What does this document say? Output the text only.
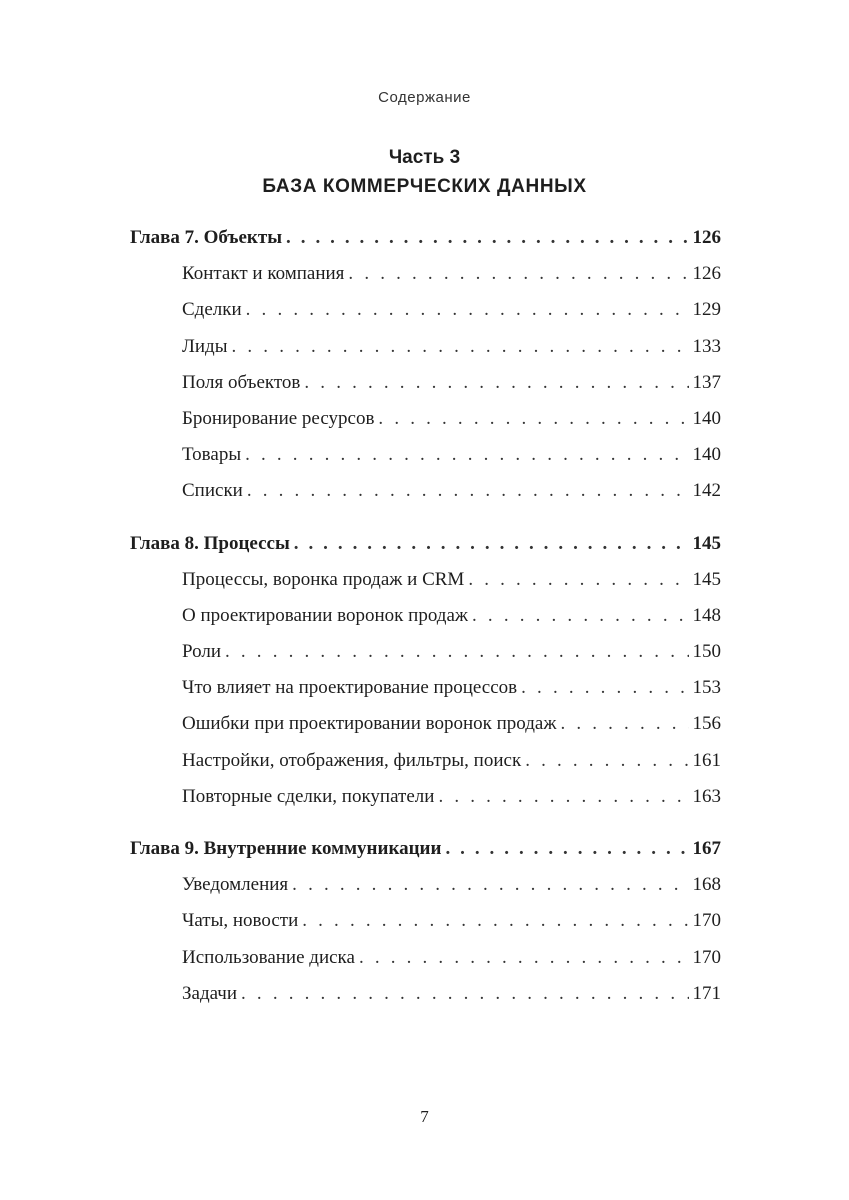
Содержание
Часть 3
БАЗА КОММЕРЧЕСКИХ ДАННЫХ
Глава 7. Объекты . . .	126
Контакт и компания . . .	126
Сделки . . .	129
Лиды . . .	133
Поля объектов . . .	137
Бронирование ресурсов . . .	140
Товары . . .	140
Списки . . .	142
Глава 8. Процессы . . .	145
Процессы, воронка продаж и CRM . . .	145
О проектировании воронок продаж . . .	148
Роли . . .	150
Что влияет на проектирование процессов . . .	153
Ошибки при проектировании воронок продаж . . .	156
Настройки, отображения, фильтры, поиск . . .	161
Повторные сделки, покупатели . . .	163
Глава 9. Внутренние коммуникации . . .	167
Уведомления . . .	168
Чаты, новости . . .	170
Использование диска . . .	170
Задачи . . .	171
7
